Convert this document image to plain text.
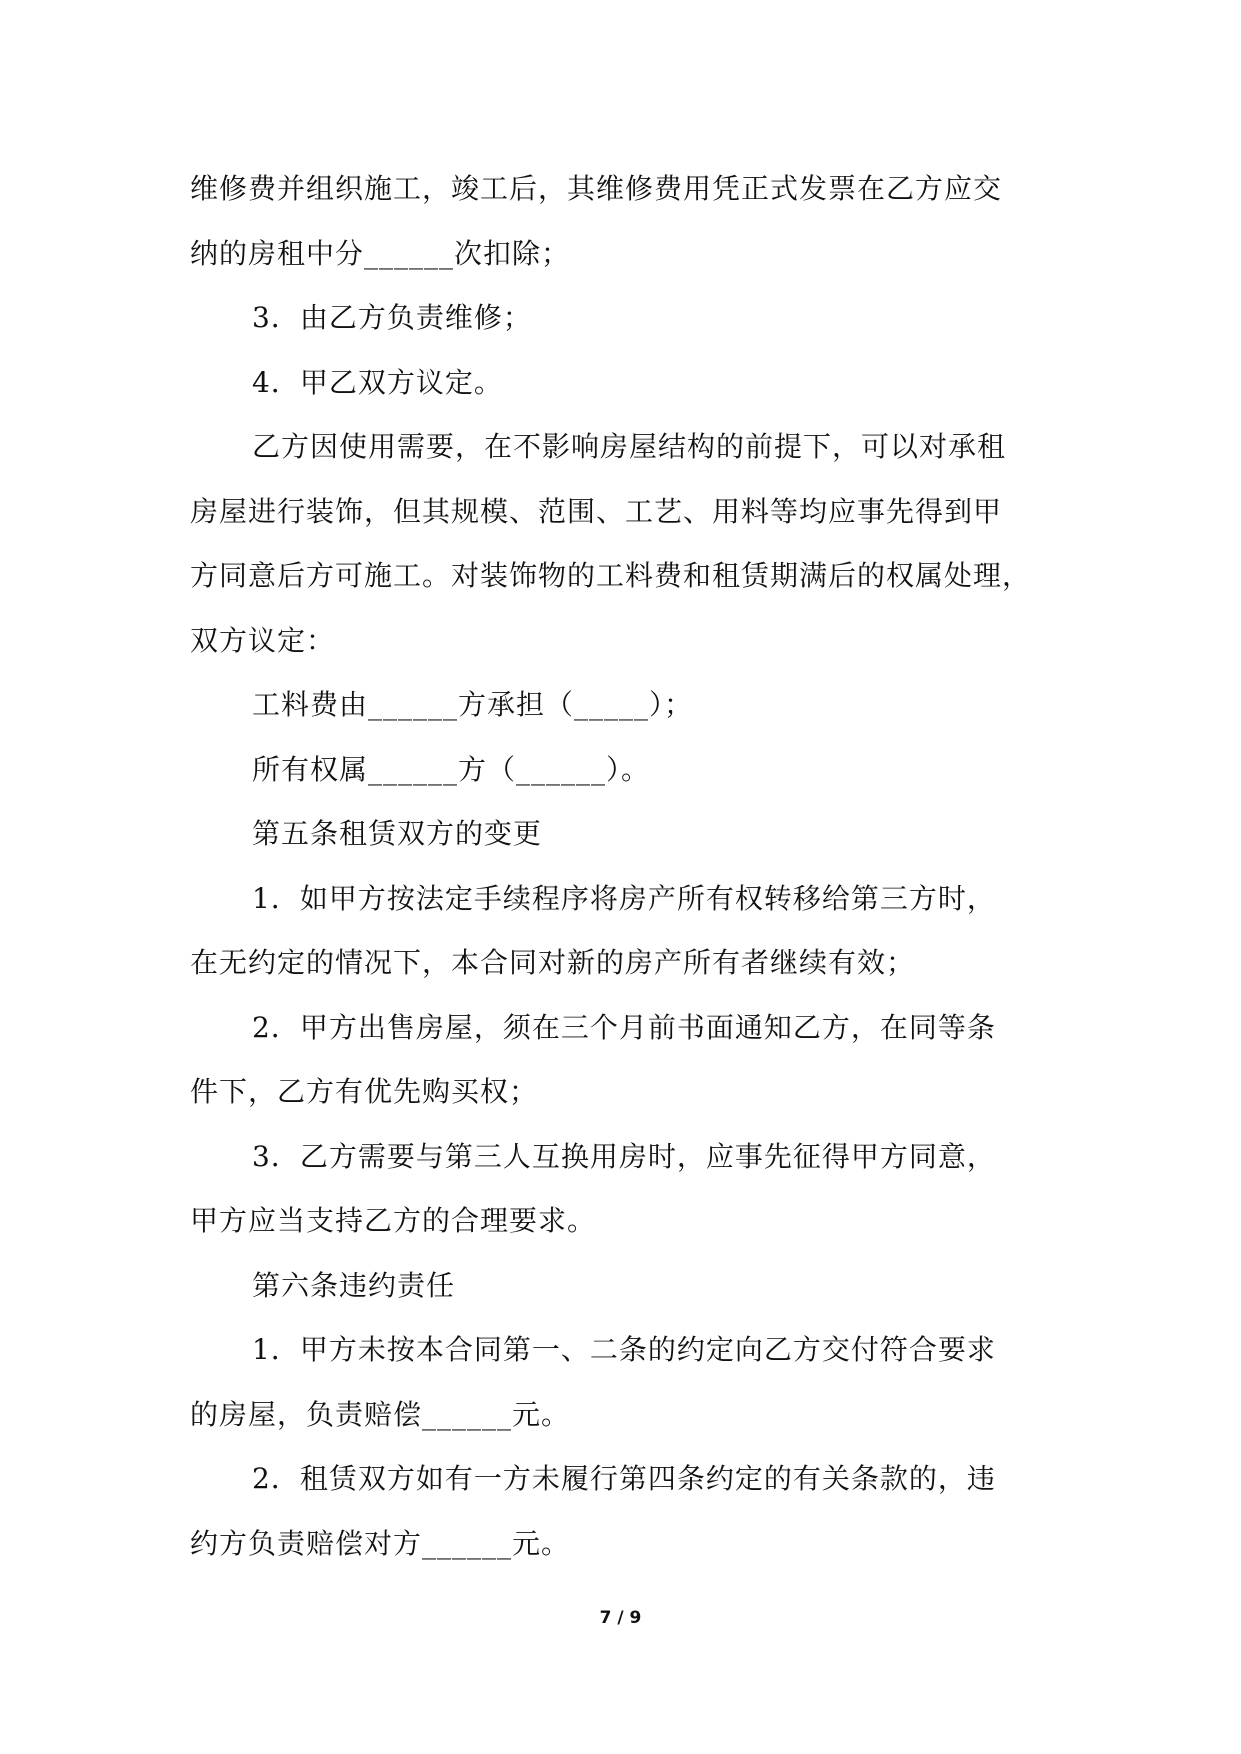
维修费并组织施工，竣工后，其维修费用凭正式发票在乙方应交
纳的房租中分______次扣除；
3．由乙方负责维修；
4．甲乙双方议定。
乙方因使用需要，在不影响房屋结构的前提下，可以对承租
房屋进行装饰，但其规模、范围、工艺、用料等均应事先得到甲
方同意后方可施工。对装饰物的工料费和租赁期满后的权属处理，
双方议定：
工料费由______方承担（_____）；
所有权属______方（______）。
第五条租赁双方的变更
1．如甲方按法定手续程序将房产所有权转移给第三方时，
在无约定的情况下，本合同对新的房产所有者继续有效；
2．甲方出售房屋，须在三个月前书面通知乙方，在同等条
件下，乙方有优先购买权；
3．乙方需要与第三人互换用房时，应事先征得甲方同意，
甲方应当支持乙方的合理要求。
第六条违约责任
1．甲方未按本合同第一、二条的约定向乙方交付符合要求
的房屋，负责赔偿______元。
2．租赁双方如有一方未履行第四条约定的有关条款的，违
约方负责赔偿对方______元。
7 / 9
